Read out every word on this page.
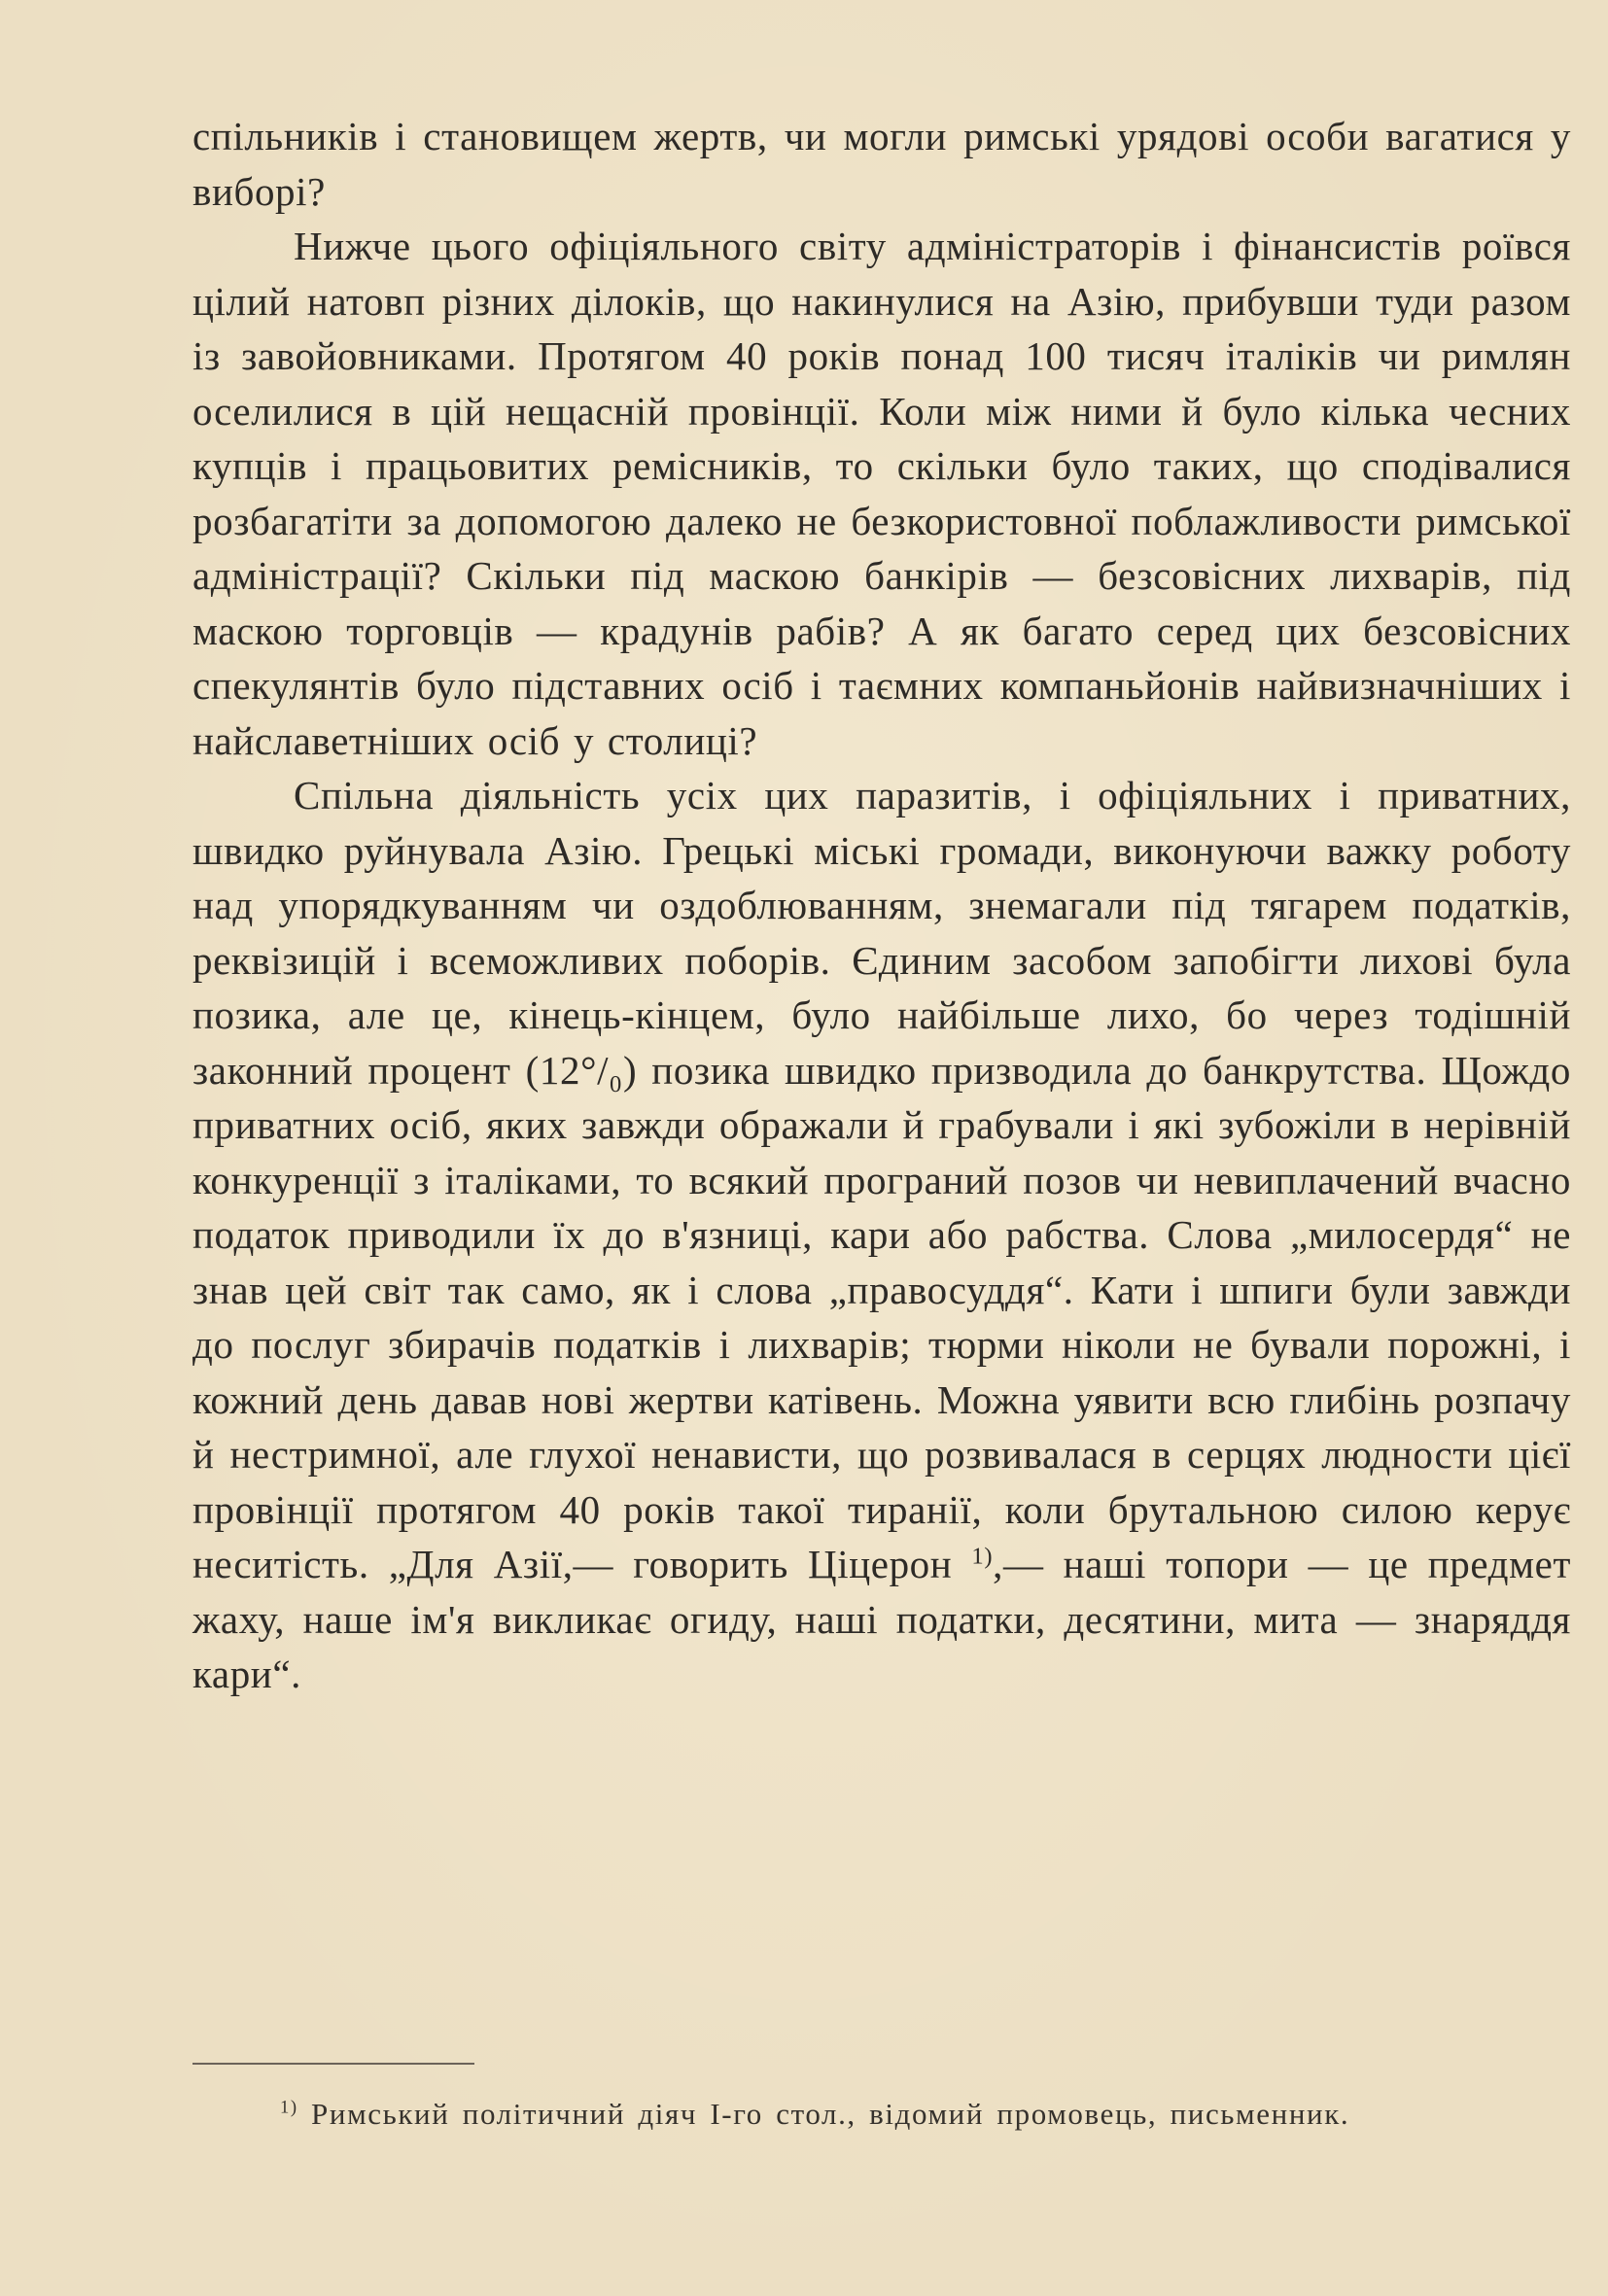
спільників і становищем жертв, чи могли римські урядові особи вагатися у виборі?

Нижче цього офіціяльного світу адміністраторів і фінансистів роївся цілий натовп різних ділоків, що накинулися на Азію, прибувши туди разом із завойовниками. Протягом 40 років понад 100 тисяч італіків чи римлян оселилися в цій нещасній провінції. Коли між ними й було кілька чесних купців і працьовитих ремісників, то скільки було таких, що сподівалися розбагатіти за допомогою далеко не безкористовної поблажливости римської адміністрації? Скільки під маскою банкірів — безсовісних лихварів, під маскою торговців — крадунів рабів? А як багато серед цих безсовісних спекулянтів було підставних осіб і таємних компаньйонів найвизначніших і найславетніших осіб у столиці?

Спільна діяльність усіх цих паразитів, і офіціяльних і приватних, швидко руйнувала Азію. Грецькі міські громади, виконуючи важку роботу над упорядкуванням чи оздоблюванням, знемагали під тягарем податків, реквізицій і всеможливих поборів. Єдиним засобом запобігти лихові була позика, але це, кінець-кінцем, було найбільше лихо, бо через тодішній законний процент (12°/₀) позика швидко призводила до банкрутства. Щождо приватних осіб, яких завжди ображали й грабували і які зубожіли в нерівній конкуренції з італіками, то всякий програний позов чи невиплачений вчасно податок приводили їх до в'язниці, кари або рабства. Слова „милосердя“ не знав цей світ так само, як і слова „правосуддя“. Кати і шпиги були завжди до послуг збирачів податків і лихварів; тюрми ніколи не бували порожні, і кожний день давав нові жертви катівень. Можна уявити всю глибінь розпачу й нестримної, але глухої ненависти, що розвивалася в серцях людности цієї провінції протягом 40 років такої тиранії, коли брутальною силою керує неситість. „Для Азії,— говорить Ціцерон $^{1)}$,— наші топори — це предмет жаху, наше ім'я викликає огиду, наші податки, десятини, мита — знаряддя кари“.

$^{1)}$ Римський політичний діяч I-го стол., відомий промовець, письменник.
